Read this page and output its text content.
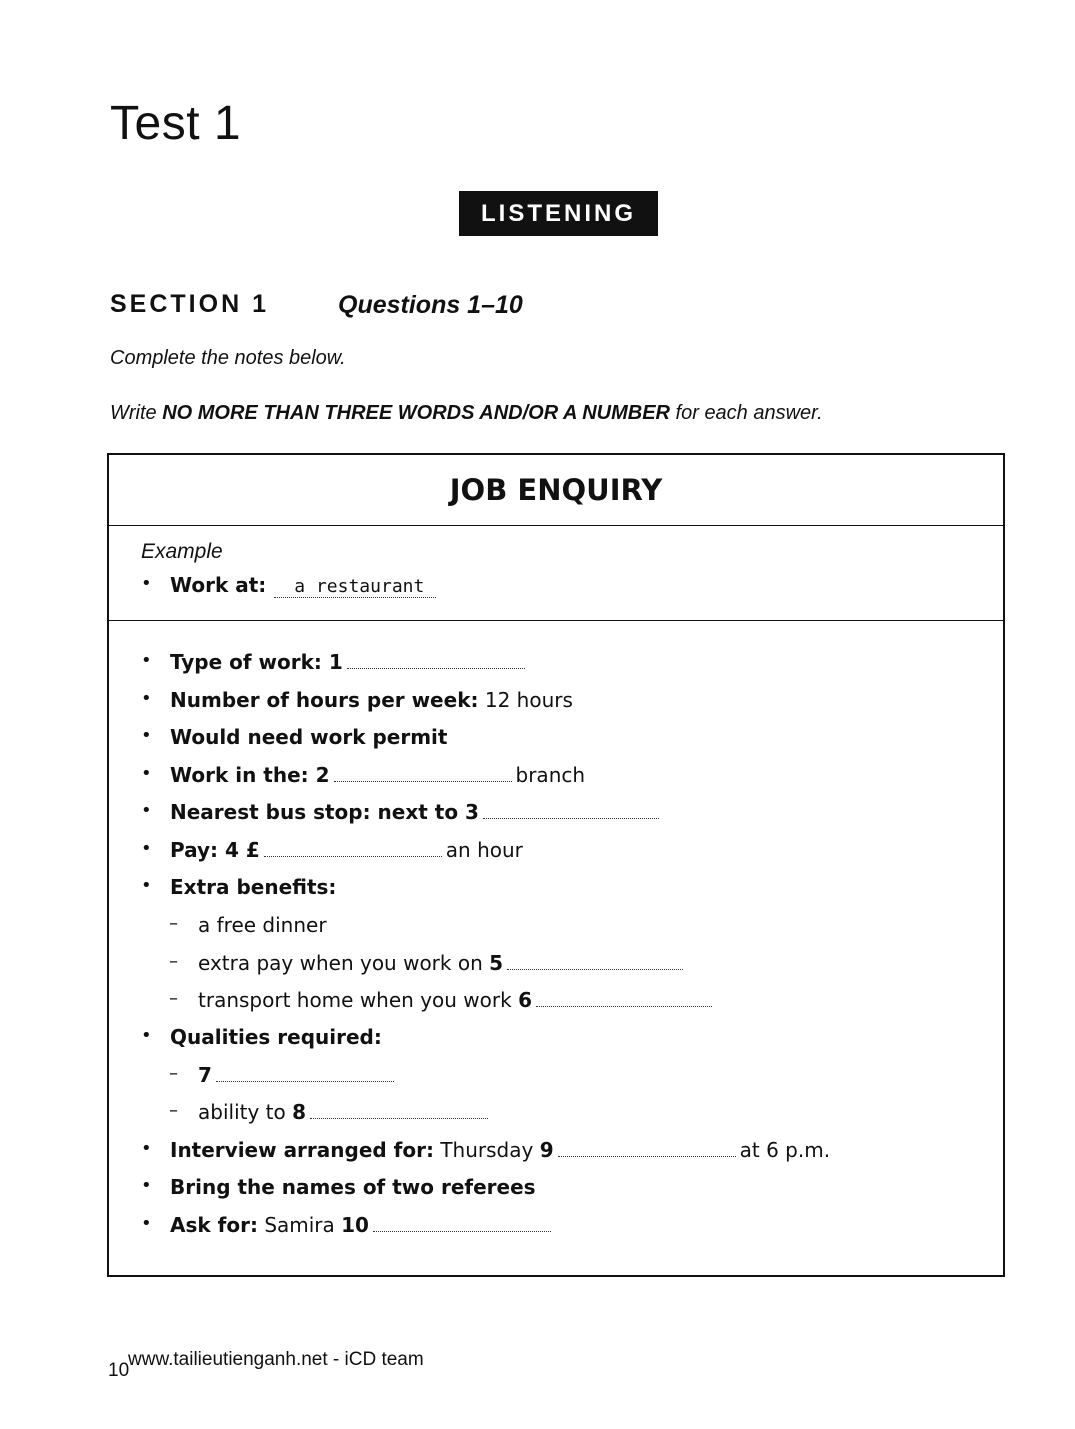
Test 1
LISTENING
SECTION 1	Questions 1–10
Complete the notes below.
Write NO MORE THAN THREE WORDS AND/OR A NUMBER for each answer.
JOB ENQUIRY
Example
• Work at: a restaurant
• Type of work: 1
• Number of hours per week: 12 hours
• Would need work permit
• Work in the: 2	branch
• Nearest bus stop: next to 3
• Pay: 4 £	an hour
• Extra benefits:
– a free dinner
– extra pay when you work on 5
– transport home when you work 6
• Qualities required:
– 7
– ability to 8
• Interview arranged for: Thursday 9	at 6 p.m.
• Bring the names of two referees
• Ask for: Samira 10
10
www.tailieutienganh.net - iCD team
